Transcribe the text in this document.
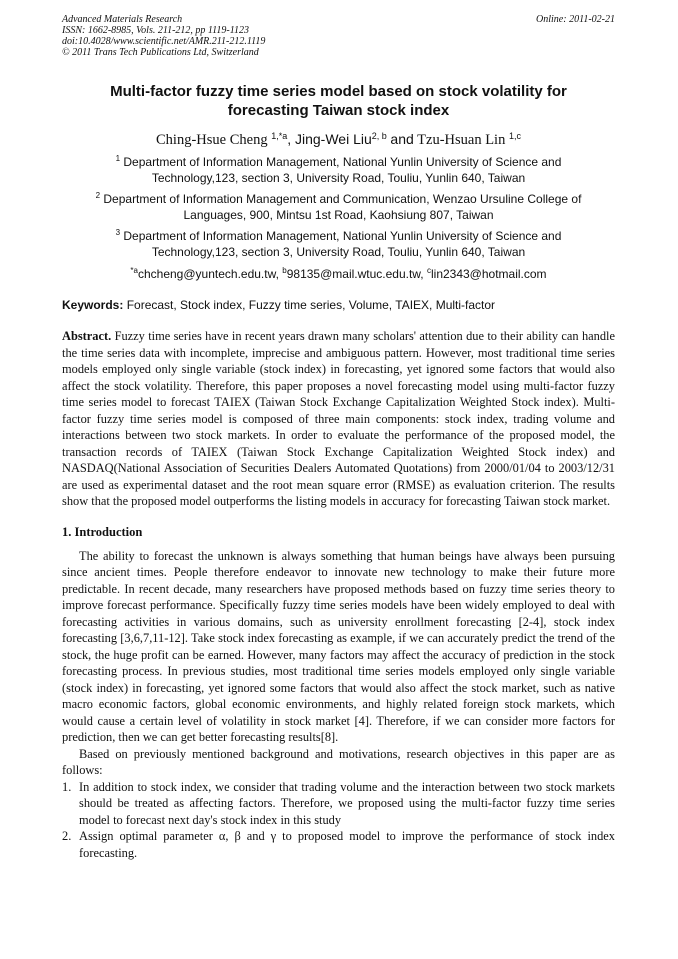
Advanced Materials Research
ISSN: 1662-8985, Vols. 211-212, pp 1119-1123
doi:10.4028/www.scientific.net/AMR.211-212.1119
© 2011 Trans Tech Publications Ltd, Switzerland
Online: 2011-02-21
Multi-factor fuzzy time series model based on stock volatility for
forecasting Taiwan stock index
Ching-Hsue Cheng $^{1,*a}$, Jing-Wei Liu$^{2, b}$ and Tzu-Hsuan Lin $^{1,c}$
$^1$ Department of Information Management, National Yunlin University of Science and
Technology,123, section 3, University Road, Touliu, Yunlin 640, Taiwan
$^2$ Department of Information Management and Communication, Wenzao Ursuline College of
Languages, 900, Mintsu 1st Road, Kaohsiung 807, Taiwan
$^3$ Department of Information Management, National Yunlin University of Science and
Technology,123, section 3, University Road, Touliu, Yunlin 640, Taiwan
$^{*a}$chcheng@yuntech.edu.tw, $^b$98135@mail.wtuc.edu.tw, $^c$lin2343@hotmail.com
Keywords: Forecast, Stock index, Fuzzy time series, Volume, TAIEX, Multi-factor
Abstract. Fuzzy time series have in recent years drawn many scholars' attention due to their ability can handle the time series data with incomplete, imprecise and ambiguous pattern. However, most traditional time series models employed only single variable (stock index) in forecasting, yet ignored some factors that would also affect the stock volatility. Therefore, this paper proposes a novel forecasting model using multi-factor fuzzy time series model to forecast TAIEX (Taiwan Stock Exchange Capitalization Weighted Stock index). Multi-factor fuzzy time series model is composed of three main components: stock index, trading volume and interactions between two stock markets. In order to evaluate the performance of the proposed model, the transaction records of TAIEX (Taiwan Stock Exchange Capitalization Weighted Stock index) and NASDAQ(National Association of Securities Dealers Automated Quotations) from 2000/01/04 to 2003/12/31 are used as experimental dataset and the root mean square error (RMSE) as evaluation criterion. The results show that the proposed model outperforms the listing models in accuracy for forecasting Taiwan stock market.
1. Introduction
The ability to forecast the unknown is always something that human beings have always been pursuing since ancient times. People therefore endeavor to innovate new technology to make their future more predictable. In recent decade, many researchers have proposed methods based on fuzzy time series theory to improve forecast performance. Specifically fuzzy time series models have been widely employed to deal with forecasting activities in various domains, such as university enrollment forecasting [2-4], stock index forecasting [3,6,7,11-12]. Take stock index forecasting as example, if we can accurately predict the trend of the stock, the huge profit can be earned. However, many factors may affect the accuracy of prediction in the stock forecasting process. In previous studies, most traditional time series models employed only single variable (stock index) in forecasting, yet ignored some factors that would also affect the stock market, such as native macro economic factors, global economic environments, and highly related foreign stock markets, which would cause a certain level of volatility in stock market [4]. Therefore, if we can consider more factors for prediction, then we can get better forecasting results[8].
Based on previously mentioned background and motivations, research objectives in this paper are as follows:
1. In addition to stock index, we consider that trading volume and the interaction between two stock markets should be treated as affecting factors. Therefore, we proposed using the multi-factor fuzzy time series model to forecast next day's stock index in this study
2. Assign optimal parameter α, β and γ to proposed model to improve the performance of stock index forecasting.
